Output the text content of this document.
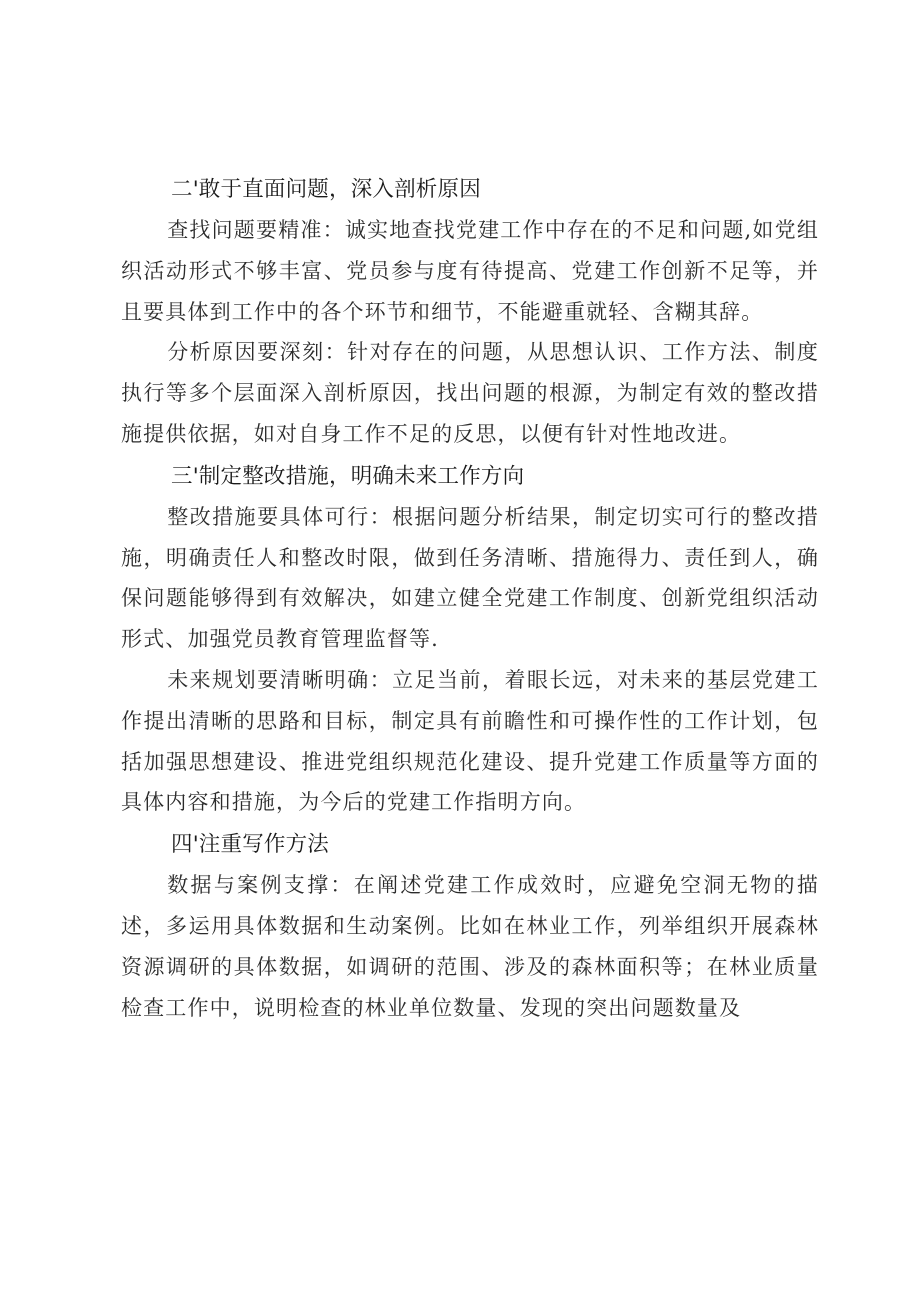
二'敢于直面问题，深入剖析原因

查找问题要精准：诚实地查找党建工作中存在的不足和问题,如党组织活动形式不够丰富、党员参与度有待提高、党建工作创新不足等，并且要具体到工作中的各个环节和细节，不能避重就轻、含糊其辞。

分析原因要深刻：针对存在的问题，从思想认识、工作方法、制度执行等多个层面深入剖析原因，找出问题的根源，为制定有效的整改措施提供依据，如对自身工作不足的反思，以便有针对性地改进。

三'制定整改措施，明确未来工作方向

整改措施要具体可行：根据问题分析结果，制定切实可行的整改措施，明确责任人和整改时限，做到任务清晰、措施得力、责任到人，确保问题能够得到有效解决，如建立健全党建工作制度、创新党组织活动形式、加强党员教育管理监督等.

未来规划要清晰明确：立足当前，着眼长远，对未来的基层党建工作提出清晰的思路和目标，制定具有前瞻性和可操作性的工作计划，包括加强思想建设、推进党组织规范化建设、提升党建工作质量等方面的具体内容和措施，为今后的党建工作指明方向。

四'注重写作方法

数据与案例支撑：在阐述党建工作成效时，应避免空洞无物的描述，多运用具体数据和生动案例。比如在林业工作，列举组织开展森林资源调研的具体数据，如调研的范围、涉及的森林面积等；在林业质量检查工作中，说明检查的林业单位数量、发现的突出问题数量及
